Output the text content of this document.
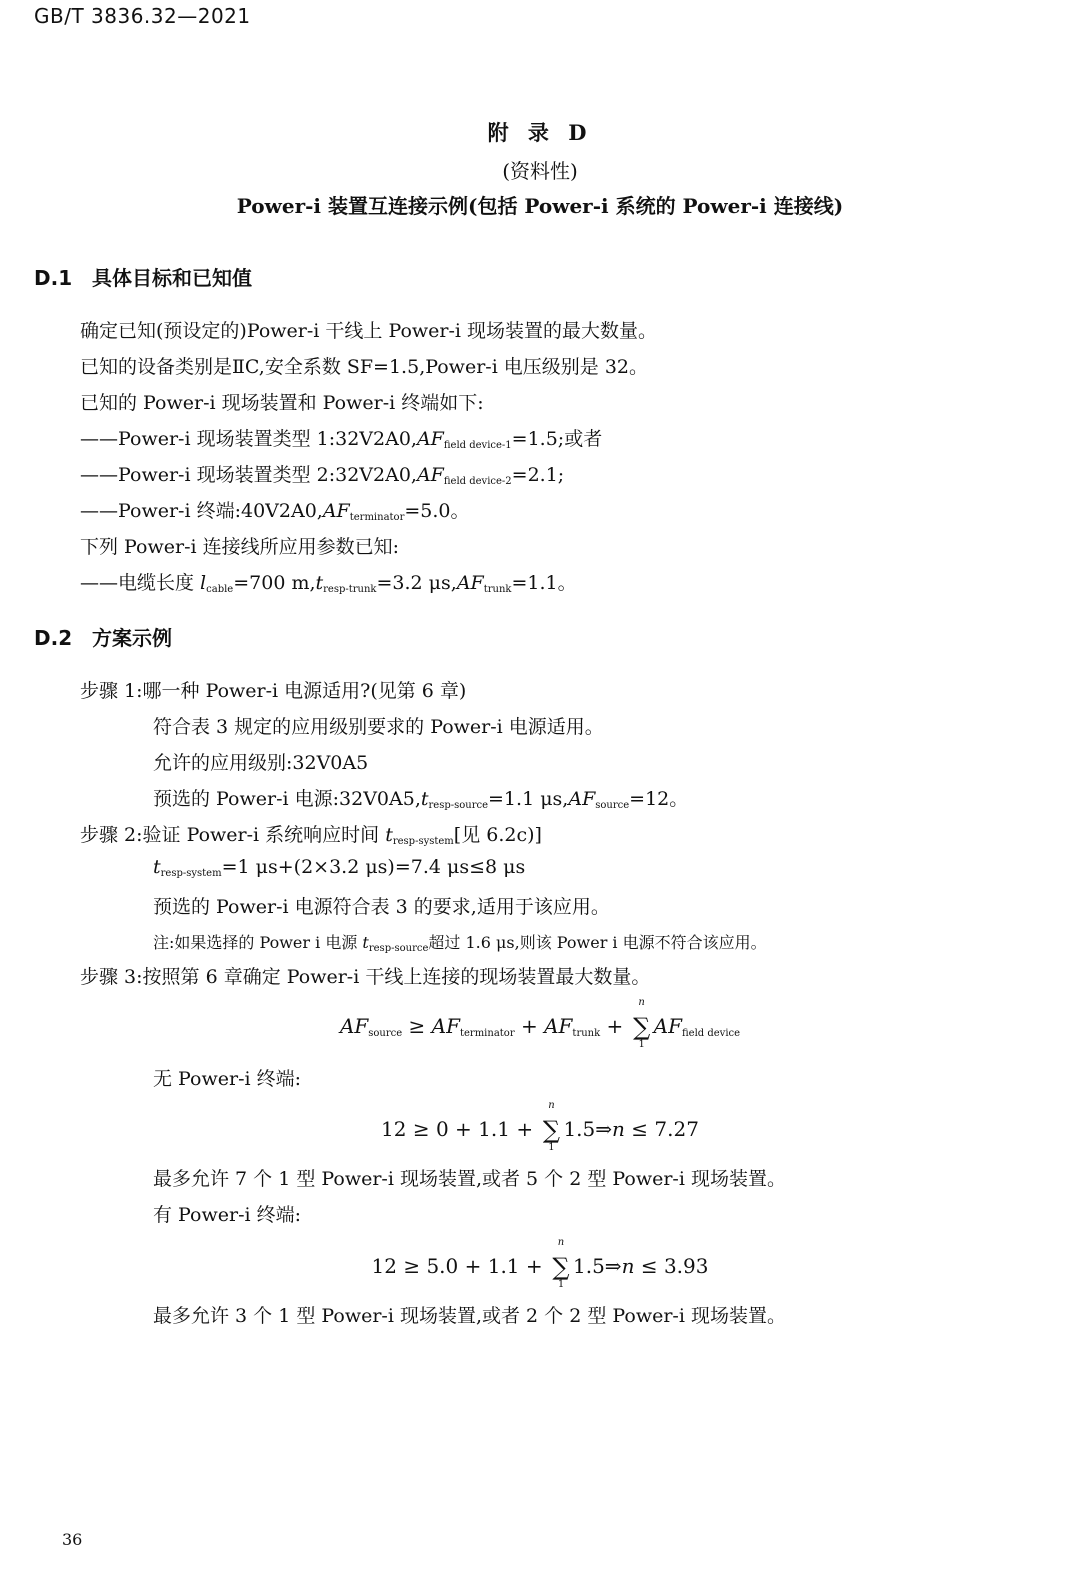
GB/T 3836.32—2021
附 录 D
(资料性)
Power-i 装置互连接示例(包括 Power-i 系统的 Power-i 连接线)
D.1 具体目标和已知值
确定已知(预设定的)Power-i 干线上 Power-i 现场装置的最大数量。
已知的设备类别是ⅡC,安全系数 SF=1.5,Power-i 电压级别是 32。
已知的 Power-i 现场装置和 Power-i 终端如下:
——Power-i 现场装置类型 $1:32V2A0,AF_{field device-1}=1.5$;或者
——Power-i 现场装置类型 $2:32V2A0,AF_{field device-2}=2.1$;
——Power-i 终端$:40V2A0,AF_{terminator}=5.0$。
下列 Power-i 连接线所应用参数已知:
——电缆长度 $l_{cable}=700$ $m,t_{resp-trunk}=3.2$ $\mu s,AF_{trunk}=1.1$。
D.2 方案示例
步骤 1:哪一种 Power-i 电源适用?(见第 6 章)
符合表 3 规定的应用级别要求的 Power-i 电源适用。
允许的应用级别:32V0A5
预选的 Power-i 电源$:32V0A5,t_{resp-source}=1.1$ $\mu s,AF_{source}=12$。
步骤 2:验证 Power-i 系统响应时间 $t_{resp-system}$[见 6.2c)]
$t_{resp-system}=1$ μs+(2×3.2 μs)=7.4 μs≤8 μs
预选的 Power-i 电源符合表 3 的要求,适用于该应用。
注:如果选择的 Power i 电源 $t_{resp-source}$超过 1.6 μs,则该 Power i 电源不符合该应用。
步骤 3:按照第 6 章确定 Power-i 干线上连接的现场装置最大数量。
$AF_{source} \ge AF_{terminator} + AF_{trunk}$ + ∑
n
1
$AF_{field device}$
无 Power-i 终端:
12 ≥ 0 + 1.1 + ∑
n
1
1.5⇒n ≤ 7.27
最多允许 7 个 1 型 Power-i 现场装置,或者 5 个 2 型 Power-i 现场装置。
有 Power-i 终端:
12 ≥ 5.0 + 1.1 + ∑
n
1
1.5⇒n ≤ 3.93
最多允许 3 个 1 型 Power-i 现场装置,或者 2 个 2 型 Power-i 现场装置。
36
